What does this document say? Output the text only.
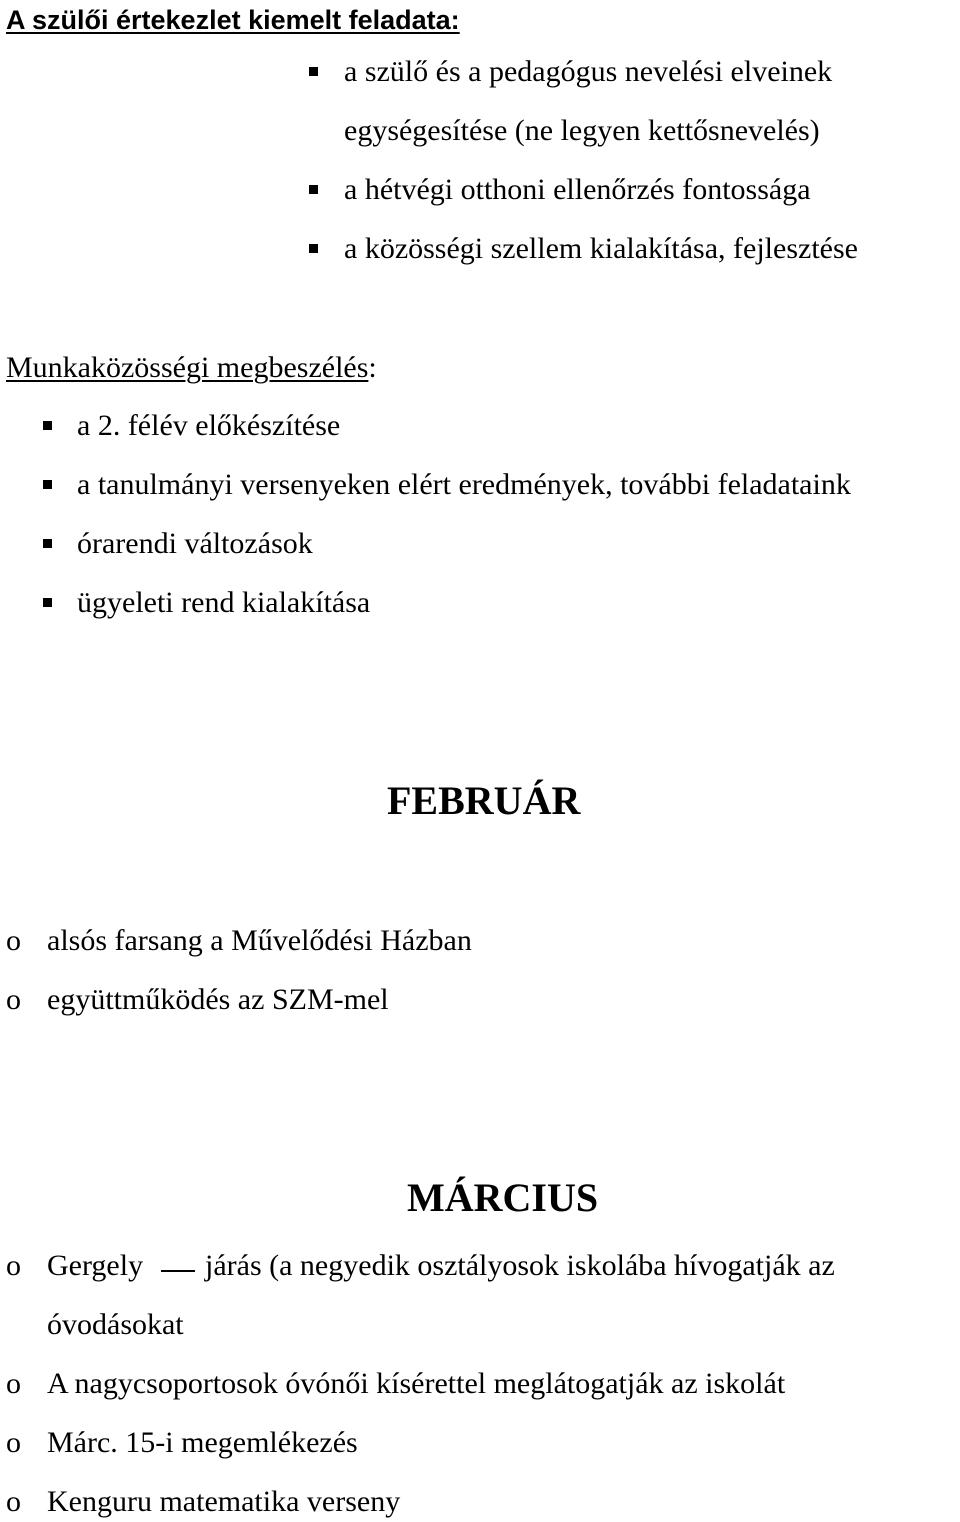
A szülői értekezlet kiemelt feladata:
a szülő és a pedagógus nevelési elveinek
egységesítése (ne legyen kettősnevelés)
a hétvégi otthoni ellenőrzés fontossága
a közösségi szellem kialakítása, fejlesztése
Munkaközösségi megbeszélés:
a 2. félév előkészítése
a tanulmányi versenyeken elért eredmények, további feladataink
órarendi változások
ügyeleti rend kialakítása
FEBRUÁR
o alsós farsang a Művelődési Házban
o együttműködés az SZM-mel
MÁRCIUS
o Gergely járás (a negyedik osztályosok iskolába hívogatják az
óvodásokat
o A nagycsoportosok óvónői kísérettel meglátogatják az iskolát
o Márc. 15-i megemlékezés
o Kenguru matematika verseny
